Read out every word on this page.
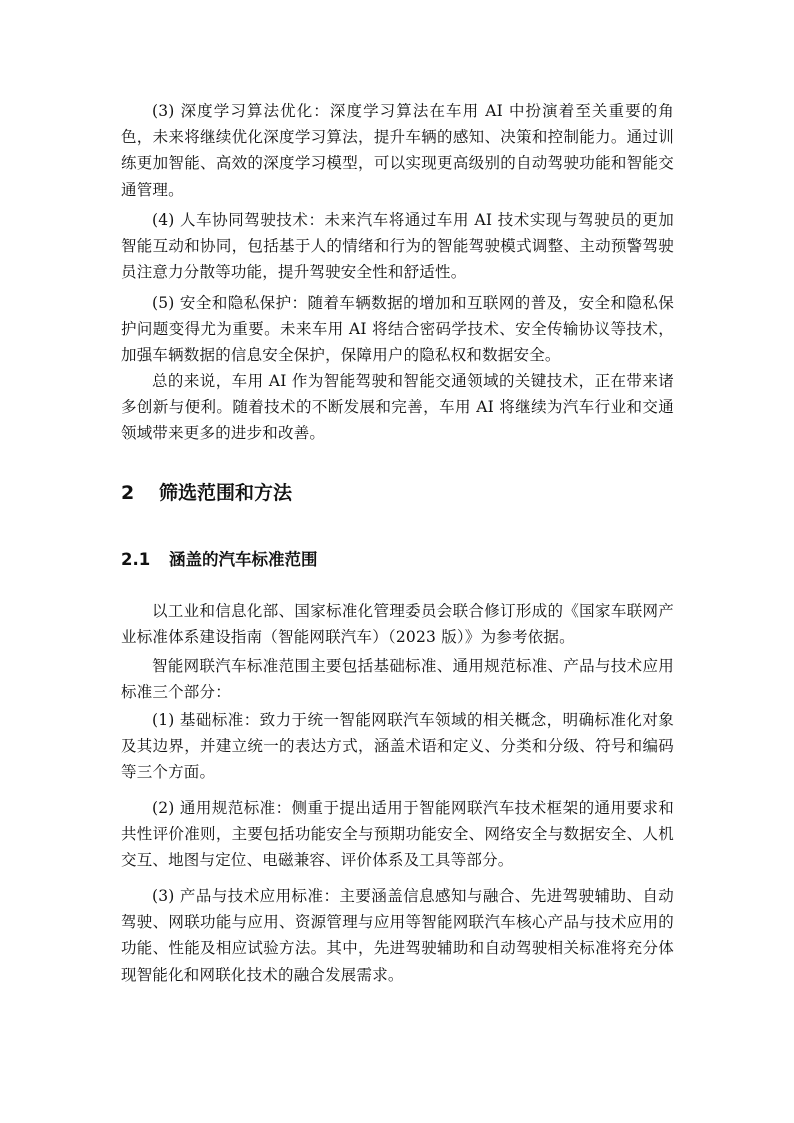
(3) 深度学习算法优化：深度学习算法在车用 AI 中扮演着至关重要的角色，未来将继续优化深度学习算法，提升车辆的感知、决策和控制能力。通过训练更加智能、高效的深度学习模型，可以实现更高级别的自动驾驶功能和智能交通管理。

(4) 人车协同驾驶技术：未来汽车将通过车用 AI 技术实现与驾驶员的更加智能互动和协同，包括基于人的情绪和行为的智能驾驶模式调整、主动预警驾驶员注意力分散等功能，提升驾驶安全性和舒适性。

(5) 安全和隐私保护：随着车辆数据的增加和互联网的普及，安全和隐私保护问题变得尤为重要。未来车用 AI 将结合密码学技术、安全传输协议等技术，加强车辆数据的信息安全保护，保障用户的隐私权和数据安全。

总的来说，车用 AI 作为智能驾驶和智能交通领域的关键技术，正在带来诸多创新与便利。随着技术的不断发展和完善，车用 AI 将继续为汽车行业和交通领域带来更多的进步和改善。

2 筛选范围和方法
2.1 涵盖的汽车标准范围

以工业和信息化部、国家标准化管理委员会联合修订形成的《国家车联网产业标准体系建设指南（智能网联汽车）（2023 版）》为参考依据。

智能网联汽车标准范围主要包括基础标准、通用规范标准、产品与技术应用标准三个部分：

(1) 基础标准：致力于统一智能网联汽车领域的相关概念，明确标准化对象及其边界，并建立统一的表达方式，涵盖术语和定义、分类和分级、符号和编码等三个方面。

(2) 通用规范标准：侧重于提出适用于智能网联汽车技术框架的通用要求和共性评价准则，主要包括功能安全与预期功能安全、网络安全与数据安全、人机交互、地图与定位、电磁兼容、评价体系及工具等部分。

(3) 产品与技术应用标准：主要涵盖信息感知与融合、先进驾驶辅助、自动驾驶、网联功能与应用、资源管理与应用等智能网联汽车核心产品与技术应用的功能、性能及相应试验方法。其中，先进驾驶辅助和自动驾驶相关标准将充分体现智能化和网联化技术的融合发展需求。
